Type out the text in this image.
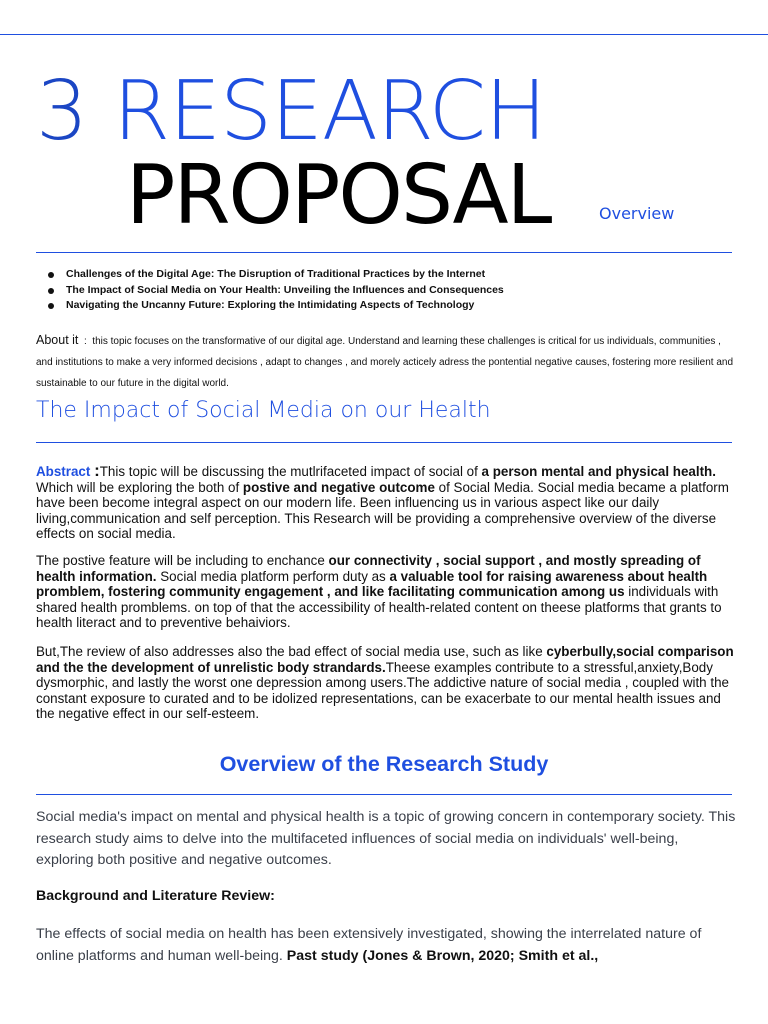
3 RESEARCH
PROPOSAL	Overview
Challenges of the Digital Age: The Disruption of Traditional Practices by the Internet
The Impact of Social Media on Your Health: Unveiling the Influences and Consequences
Navigating the Uncanny Future: Exploring the Intimidating Aspects of Technology
About it : this topic focuses on the transformative of our digital age. Understand and learning these challenges is critical for us individuals, communities , and institutions to make a very informed decisions , adapt to changes , and morely acticely adress the pontential negative causes, fostering more resilient and sustainable to our future in the digital world.
The Impact of Social Media on our Health
Abstract :This topic will be discussing the mutlrifaceted impact of social of a person mental and physical health. Which will be exploring the both of postive and negative outcome of Social Media. Social media became a platform have been become integral aspect on our modern life. Been influencing us in various aspect like our daily living,communication and self perception. This Research will be providing a comprehensive overview of the diverse effects on social media.
The postive feature will be including to enchance our connectivity , social support , and mostly spreading of health information. Social media platform perform duty as a valuable tool for raising awareness about health promblem, fostering community engagement , and like facilitating communication among us individuals with shared health promblems. on top of that the accessibility of health-related content on theese platforms that grants to health literact and to preventive behaiviors.
But,The review of also addresses also the bad effect of social media use, such as like cyberbully,social comparison and the the development of unrelistic body strandards.Theese examples contribute to a stressful,anxiety,Body dysmorphic, and lastly the worst one depression among users.The addictive nature of social media , coupled with the constant exposure to curated and to be idolized representations, can be exacerbate to our mental health issues and the negative effect in our self-esteem.
Overview of the Research Study
Social media's impact on mental and physical health is a topic of growing concern in contemporary society. This research study aims to delve into the multifaceted influences of social media on individuals' well-being, exploring both positive and negative outcomes.
Background and Literature Review:
The effects of social media on health has been extensively investigated, showing the interrelated nature of online platforms and human well-being. Past study (Jones & Brown, 2020; Smith et al.,
